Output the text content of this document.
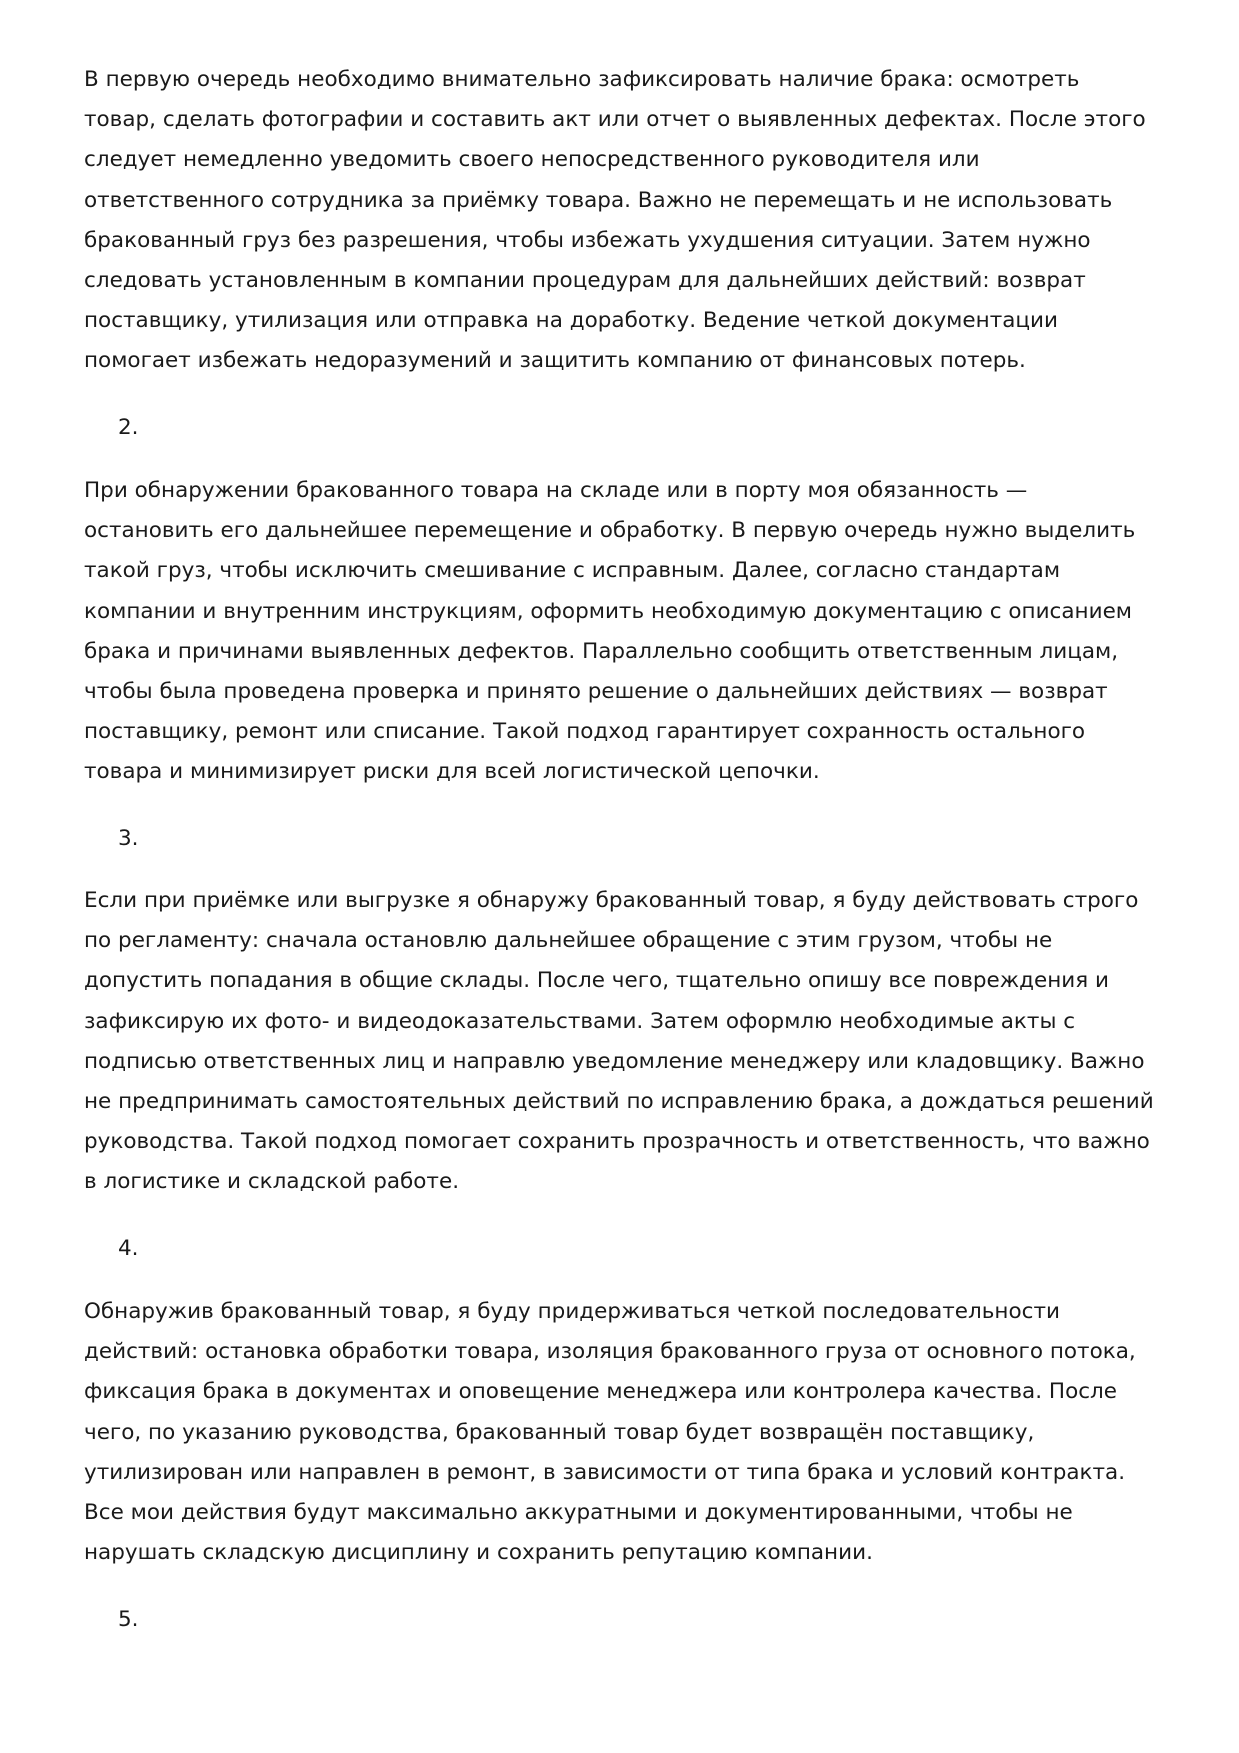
В первую очередь необходимо внимательно зафиксировать наличие брака: осмотреть
товар, сделать фотографии и составить акт или отчет о выявленных дефектах. После этого
следует немедленно уведомить своего непосредственного руководителя или
ответственного сотрудника за приёмку товара. Важно не перемещать и не использовать
бракованный груз без разрешения, чтобы избежать ухудшения ситуации. Затем нужно
следовать установленным в компании процедурам для дальнейших действий: возврат
поставщику, утилизация или отправка на доработку. Ведение четкой документации
помогает избежать недоразумений и защитить компанию от финансовых потерь.
2.
При обнаружении бракованного товара на складе или в порту моя обязанность —
остановить его дальнейшее перемещение и обработку. В первую очередь нужно выделить
такой груз, чтобы исключить смешивание с исправным. Далее, согласно стандартам
компании и внутренним инструкциям, оформить необходимую документацию с описанием
брака и причинами выявленных дефектов. Параллельно сообщить ответственным лицам,
чтобы была проведена проверка и принято решение о дальнейших действиях — возврат
поставщику, ремонт или списание. Такой подход гарантирует сохранность остального
товара и минимизирует риски для всей логистической цепочки.
3.
Если при приёмке или выгрузке я обнаружу бракованный товар, я буду действовать строго
по регламенту: сначала остановлю дальнейшее обращение с этим грузом, чтобы не
допустить попадания в общие склады. После чего, тщательно опишу все повреждения и
зафиксирую их фото- и видеодоказательствами. Затем оформлю необходимые акты с
подписью ответственных лиц и направлю уведомление менеджеру или кладовщику. Важно
не предпринимать самостоятельных действий по исправлению брака, а дождаться решений
руководства. Такой подход помогает сохранить прозрачность и ответственность, что важно
в логистике и складской работе.
4.
Обнаружив бракованный товар, я буду придерживаться четкой последовательности
действий: остановка обработки товара, изоляция бракованного груза от основного потока,
фиксация брака в документах и оповещение менеджера или контролера качества. После
чего, по указанию руководства, бракованный товар будет возвращён поставщику,
утилизирован или направлен в ремонт, в зависимости от типа брака и условий контракта.
Все мои действия будут максимально аккуратными и документированными, чтобы не
нарушать складскую дисциплину и сохранить репутацию компании.
5.
